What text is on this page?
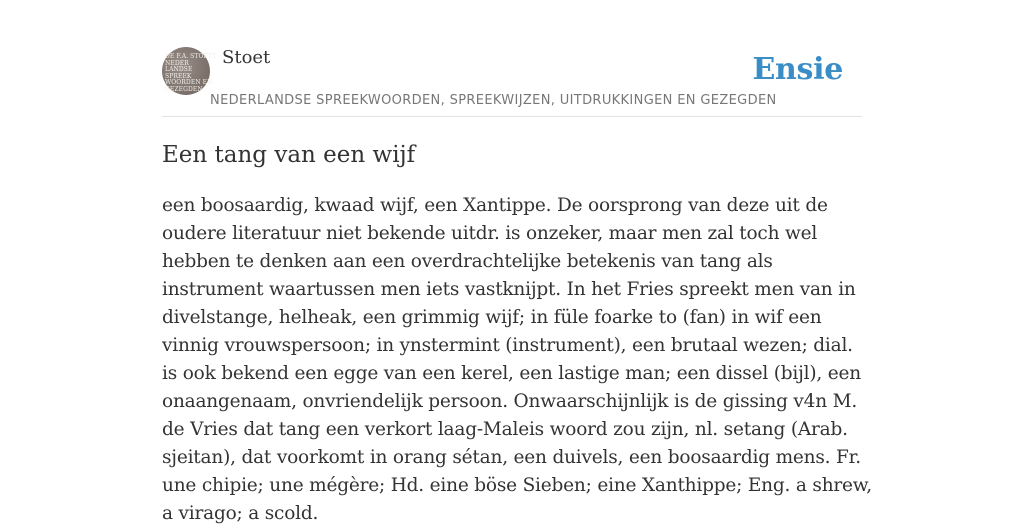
DE F.A. STOETT
NEDER
LANDSE
SPREEK
WOORDEN EN
GEZEGDEN
Stoet	Ensie
NEDERLANDSE SPREEKWOORDEN, SPREEKWIJZEN, UITDRUKKINGEN EN GEZEGDEN
Een tang van een wijf

een boosaardig, kwaad wijf, een Xantippe. De oorsprong van deze uit de oudere literatuur niet bekende uitdr. is onzeker, maar men zal toch wel hebben te denken aan een overdrachtelijke betekenis van tang als instrument waartussen men iets vastknijpt. In het Fries spreekt men van in divelstange, helheak, een grimmig wijf; in füle foarke to (fan) in wif een vinnig vrouwspersoon; in ynstermint (instrument), een brutaal wezen; dial. is ook bekend een egge van een kerel, een lastige man; een dissel (bijl), een onaangenaam, onvriendelijk persoon. Onwaarschijnlijk is de gissing v4n M. de Vries dat tang een verkort laag-Maleis woord zou zijn, nl. setang (Arab. sjeitan), dat voorkomt in orang sétan, een duivels, een boosaardig mens. Fr. une chipie; une mégère; Hd. eine böse Sieben; eine Xanthippe; Eng. a shrew, a virago; a scold.
